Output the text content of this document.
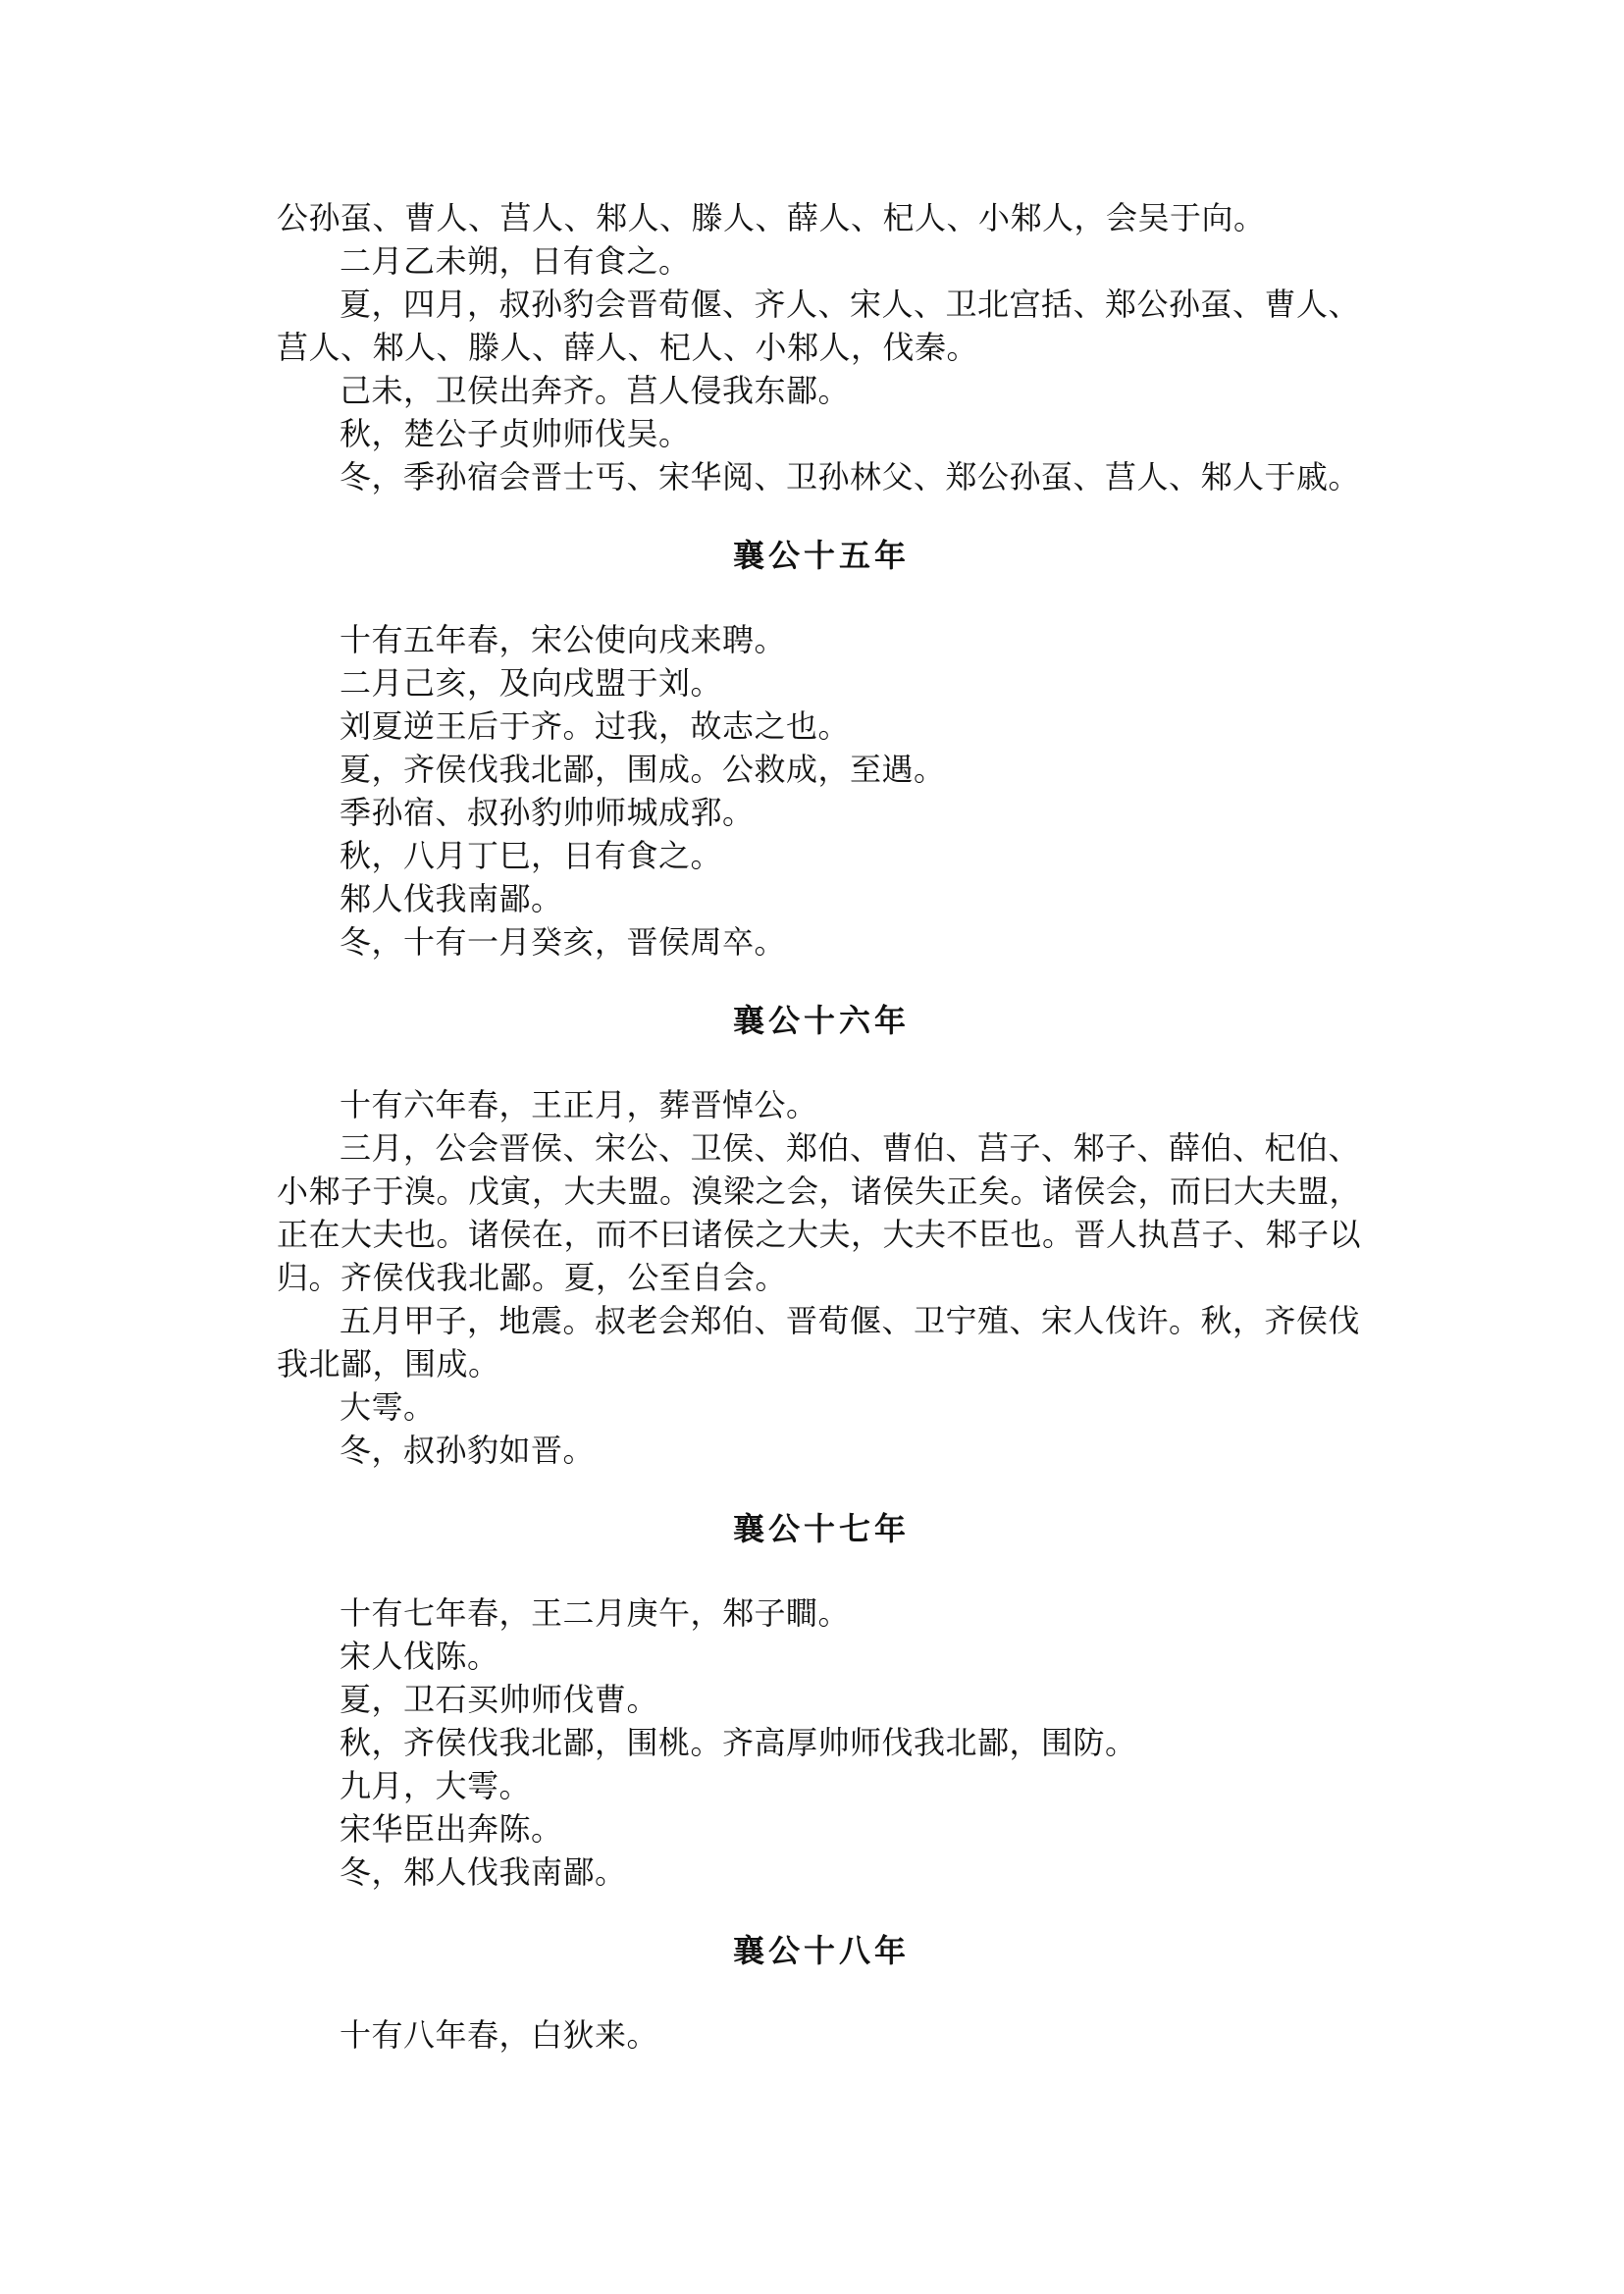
公孙虿、曹人、莒人、邾人、滕人、薛人、杞人、小邾人，会吴于向。

二月乙未朔，日有食之。

夏，四月，叔孙豹会晋荀偃、齐人、宋人、卫北宫括、郑公孙虿、曹人、莒人、邾人、滕人、薛人、杞人、小邾人，伐秦。

己未，卫侯出奔齐。莒人侵我东鄙。

秋，楚公子贞帅师伐吴。

冬，季孙宿会晋士丐、宋华阅、卫孙林父、郑公孙虿、莒人、邾人于戚。

襄公十五年

十有五年春，宋公使向戌来聘。

二月己亥，及向戌盟于刘。

刘夏逆王后于齐。过我，故志之也。

夏，齐侯伐我北鄙，围成。公救成，至遇。

季孙宿、叔孙豹帅师城成郛。

秋，八月丁巳，日有食之。

邾人伐我南鄙。

冬，十有一月癸亥，晋侯周卒。

襄公十六年

十有六年春，王正月，葬晋悼公。

三月，公会晋侯、宋公、卫侯、郑伯、曹伯、莒子、邾子、薛伯、杞伯、小邾子于溴。戊寅，大夫盟。溴梁之会，诸侯失正矣。诸侯会，而曰大夫盟，正在大夫也。诸侯在，而不曰诸侯之大夫，大夫不臣也。晋人执莒子、邾子以归。齐侯伐我北鄙。夏，公至自会。

五月甲子，地震。叔老会郑伯、晋荀偃、卫宁殖、宋人伐许。秋，齐侯伐我北鄙，围成。

大雩。

冬，叔孙豹如晋。

襄公十七年

十有七年春，王二月庚午，邾子瞷。

宋人伐陈。

夏，卫石买帅师伐曹。

秋，齐侯伐我北鄙，围桃。齐高厚帅师伐我北鄙，围防。

九月，大雩。

宋华臣出奔陈。

冬，邾人伐我南鄙。

襄公十八年

十有八年春，白狄来。
